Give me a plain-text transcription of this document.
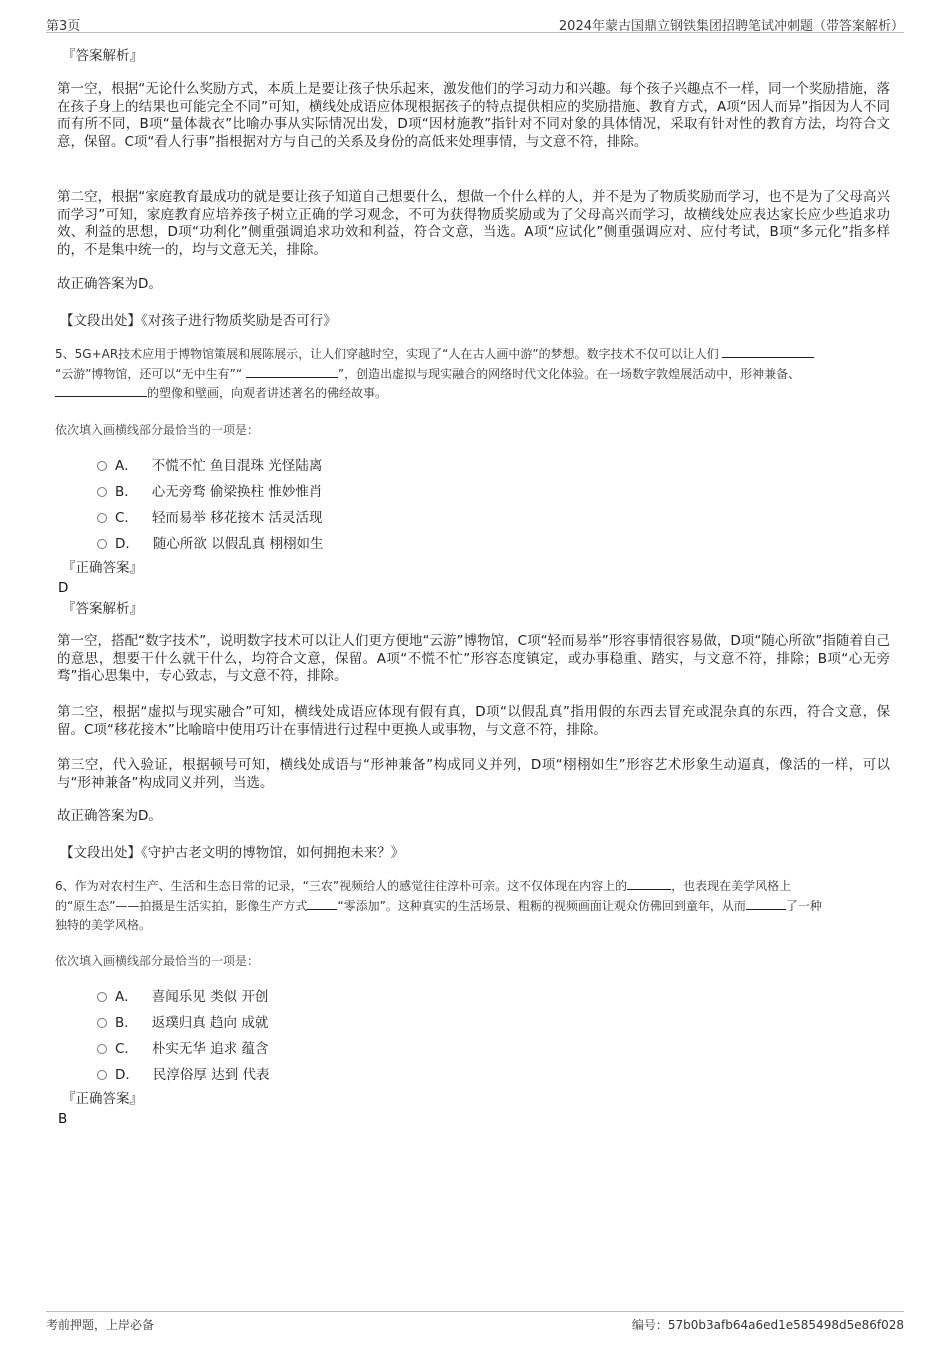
第3页	2024年蒙古国鼎立钢铁集团招聘笔试冲刺题（带答案解析）
『答案解析』
第一空，根据“无论什么奖励方式，本质上是要让孩子快乐起来，激发他们的学习动力和兴趣。每个孩子兴趣点不一样，同一个奖励措施，落在孩子身上的结果也可能完全不同”可知，横线处成语应体现根据孩子的特点提供相应的奖励措施、教育方式，A项“因人而异”指因为人不同而有所不同，B项“量体裁衣”比喻办事从实际情况出发，D项“因材施教”指针对不同对象的具体情况，采取有针对性的教育方法，均符合文意，保留。C项“看人行事”指根据对方与自己的关系及身份的高低来处理事情，与文意不符，排除。
第二空，根据“家庭教育最成功的就是要让孩子知道自己想要什么，想做一个什么样的人，并不是为了物质奖励而学习，也不是为了父母高兴而学习”可知，家庭教育应培养孩子树立正确的学习观念，不可为获得物质奖励或为了父母高兴而学习，故横线处应表达家长应少些追求功效、利益的思想，D项“功利化”侧重强调追求功效和利益，符合文意，当选。A项“应试化”侧重强调应对、应付考试，B项“多元化”指多样的，不是集中统一的，均与文意无关，排除。
故正确答案为D。
【文段出处】《对孩子进行物质奖励是否可行》
5、5G+AR技术应用于博物馆策展和展陈展示，让人们穿越时空，实现了“人在古人画中游”的梦想。数字技术不仅可以让人们
“云游”博物馆，还可以“无中生有”“	”，创造出虚拟与现实融合的网络时代文化体验。在一场数字敦煌展活动中，形神兼备、
的塑像和壁画，向观者讲述著名的佛经故事。
依次填入画横线部分最恰当的一项是：
A． 不慌不忙 鱼目混珠 光怪陆离
B． 心无旁骛 偷梁换柱 惟妙惟肖
C． 轻而易举 移花接木 活灵活现
D． 随心所欲 以假乱真 栩栩如生
『正确答案』
D
『答案解析』
第一空，搭配“数字技术”，说明数字技术可以让人们更方便地“云游”博物馆，C项“轻而易举”形容事情很容易做，D项“随心所欲”指随着自己的意思，想要干什么就干什么，均符合文意，保留。A项“不慌不忙”形容态度镇定，或办事稳重、踏实，与文意不符，排除；B项“心无旁骛”指心思集中，专心致志，与文意不符，排除。
第二空，根据“虚拟与现实融合”可知，横线处成语应体现有假有真，D项“以假乱真”指用假的东西去冒充或混杂真的东西，符合文意，保留。C项“移花接木”比喻暗中使用巧计在事情进行过程中更换人或事物，与文意不符，排除。
第三空，代入验证，根据顿号可知，横线处成语与“形神兼备”构成同义并列，D项“栩栩如生”形容艺术形象生动逼真，像活的一样，可以与“形神兼备”构成同义并列，当选。
故正确答案为D。
【文段出处】《守护古老文明的博物馆，如何拥抱未来？》
6、作为对农村生产、生活和生态日常的记录，“三农”视频给人的感觉往往淳朴可亲。这不仅体现在内容上的	，也表现在美学风格上
的“原生态”——拍摄是生活实拍，影像生产方式	“零添加”。这种真实的生活场景、粗粝的视频画面让观众仿佛回到童年，从而	了一种
独特的美学风格。
依次填入画横线部分最恰当的一项是：
A． 喜闻乐见 类似 开创
B． 返璞归真 趋向 成就
C． 朴实无华 追求 蕴含
D． 民淳俗厚 达到 代表
『正确答案』
B
考前押题，上岸必备	编号：57b0b3afb64a6ed1e585498d5e86f028
